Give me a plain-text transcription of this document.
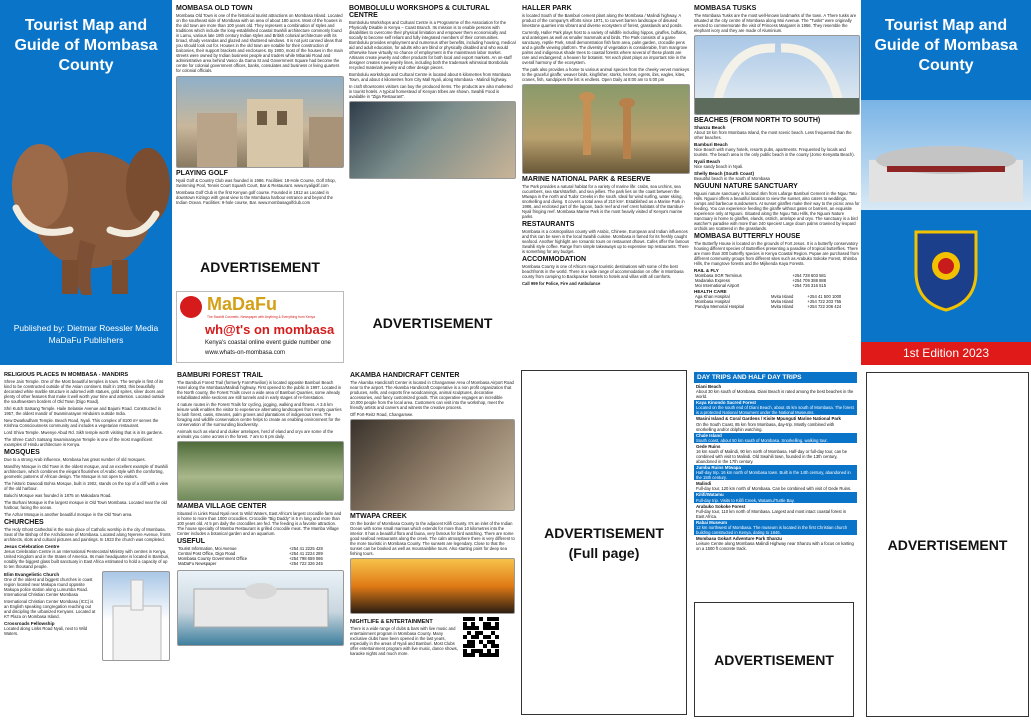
Tourist Map and Guide of Mombasa County
Published by: Dietmar Roessler Media
MaDaFu Publishers
MOMBASA OLD TOWN
Mombasa Old Town is one of the historical tourist attractions on Mombasa Island. Located on the southeast side of Mombasa with an area of about 180 acres. Most of the houses in the old town are more than 100 years old. They represent a combination of styles and traditions which include the long-established coastal Swahili architecture commonly found in Lamu, various late 19th century Indian styles and British colonial architecture with its broad, shady verandas and glazed and shuttered windows. It is not just canned ideas that you should look out for. Houses in the old town are notable for their construction of balconies, their support brackets and enclosures. By 1900, most of the houses in the main streets were owned by Indian business people and traders while Mbaraki Road and administrative area behind Vasco da Gama St and Government Square had become the centre for colonial government offices, banks, consulates and business or living quarters for colonial officials.
PLAYING GOLF
Nyali Golf & Country Club was founded in 1986. Facilities: 18-Hole Course, Golf Shop, Swimming Pool, Tennis Court Squash Court, Bar & Restaurant. www.nyaligolf.com
Mombasa Golf Club is the first Kenyan golf course. Founded in 1912 as Located in downtown Kizingo with great view to the Mombasa harbour entrance and beyond the Indian Ocean. Facilities: 9-hole course, Bar. www.mombasagolfclub.com
ADVERTISEMENT
MaDaFu
The Swahili Cosmetic, Newspaper with Anything & Everything from Kenya
wh@t's on mombasa
Kenya's coastal online event guide number one
www.whats-on-mombasa.com
BOMBOLULU WORKSHOPS & CULTURAL CENTRE
Bombolulu Workshops and Cultural Centre is a Programme of the Association for the Physically Disable in Kenya – Coast Branch. Its mission is to enable persons with disabilities to overcome their physical limitation and empower them economically and socially to become self reliant and fully integrated members of their communities. Bombolulu provides employment and numerous other benefits, including housing, medical aid and adult education, for adults who are blind or physically disabled and who would otherwise have virtually no chance of employment in the mainstream labor market. Artisans create jewelry and other products for both local and export markets. An on-staff designer creates new jewelry lines, including both the trademark whimsical Bombolulu recycled materials jewelry and other design pieces.
Bombolulu workshops and Cultural Centre is located about 6 kilometres from Mombasa Town, and about 4 kilometres from City Mall Nyali, along Mombasa - Malindi highway.
In craft showrooms visitors can buy the produced items. The products are also marketed in tourist hotels. A typical homestead of Kenyan tribes are shown. Swahili Food is available in "Ziga Restaurant".
ADVERTISEMENT
HALLER PARK
is located South of the Bamburi cement plant along the Mombasa / Malindi highway. A product of the company's efforts since 1971, to convert barren landscape of disused limestone quarries into vibrant and diverse ecosystem of forest, grasslands and ponds.
Currently, Haller Park plays host to a variety of wildlife including hippos, giraffes, buffalos, and antelopes as well as smaller mammals and birds. The Park consists of a game sanctuary, reptile Park, small demonstration fish farm area, palm garden, crocodile pens and a giraffe viewing platform. The diversity of vegetation is considerable, from mangrove palms and indigenous shade trees to coastal forests where several of these plants are rare and endangered; a heaven for botanist. Yet each plant plays an important role in the overall harmony of the ecosystem.
The park also provides a home to various animal species from the cheeky vervet monkeys to the graceful giraffe; weaver birds, kingfisher, storks, herons, egrets, ibis, eagles, kites, cranes, fish, sandpipers the list is endless. Open Daily at 8:00 am to 5:00 pm
MARINE NATIONAL PARK & RESERVE
The Park provides a natural habitat for a variety of marine life: crabs, sea urchins, sea cucumbers, sea stars/starfish, and sea jellies. The park lies on the coast between the Mtwapa in the north and Tudor Creeks in the south. Ideal for wind surfing, water skiing, snorkelling and diving. It covers a total area of 210 km². Established as a Marine Park in 1986, and enclosed part of the lagoon, back reef and reef crest habitats of the Bamburi-Nyali fringing reef. Mombasa Marine Park is the most heavily visited of Kenya's marine parks.
RESTAURANTS
Mombasa is a cosmopolitan county with Arabic, Chinese, European and Indian influences and this can be seen in the local Swahili cuisine. Mombasa is famed for its freshly caught seafood. Another highlight are romantic tours on restaurant dhows. Cafes offer the famous Swahili style coffee. Range from simple takeaways up to expensive top restaurants. There is something for any budget.
ACCOMMODATION
Mombasa County is one of Africa's major touristic destinations with some of the best beachfronts in the world. There is a wide range of accommodation on offer in Mombasa county from camping to Backpacker hostels to hotels and villas with all comforts.
Call 999 for Police, Fire and Ambulance
MOMBASA TUSKS
The Mombasa Tusks are the most well-known landmarks of the town. A There tusks are situated at the city centre of Mombasa along Moi Avenue. The "Tusks" were originally erected to commemorate the visit of Princess Margaret in 1956. They resemble the elephant ivory and they are made of Aluminium.
BEACHES (FROM NORTH TO SOUTH)
Shanzu Beach
About 18 km from Mombasa Island, the most scenic beach. Less frequented than the other beaches.
Bamburi Beach
Nice Beach with many hotels, resorts pubs, apartments. Frequented by locals and tourists. The beach area is the only public beach in the county (Jomo Kenyatta Beach).
Nyali Beach
Nice sandy beach in Nyali.
Shelly Beach (South Coast)
Beautiful beach in the south of Mombasa
NGUUNI NATURE SANCTUARY
Nguuni nature sanctuary is located 4km from Lafarge Bamburi Cement in the Nguu Tatu Hills. Nguuni offers a beautiful location to view the sunset, also caters to weddings, camps and barbecue sundowners. At sunset giraffes make their way to the picnic area for feeding. You can experience feeding the giraffe without gates or barriers, an exquisite experience only at Nguuni. Situated along the Nguu Tatu Hills, the Nguuni Nature Sanctuary is home to giraffes, elands, ostrich, antelope and oryx. The sanctuary is a bird watcher's paradise with more than 240 species! Large doum palms crowned by leopard orchids are scattered in the grasslands.
MOMBASA BUTTERFLY HOUSE
The Butterfly House is located on the grounds of Fort Jesus. It is a butterfly conservatory housing different species of Butterflies presenting a paradise of tropical butterflies. There are more than 300 butterfly species in Kenya Coastal Region. Pupae are purchased from different community groups from different sites such as Arabuko Sokoke Forest, Shimba Hills, the mangrove forests and the Mijikenda Kaya Forests.
RAIL & FLY
Mombasa SGR Terminus		+254 728 603 581
Madaraka Express		+254 709 388 888
Moi International Airport		+254 726 316 515
HEALTH CARE
Aga Khan Hospital	Mvita Island	+254 41 500 1000
Mombasa Hospital	Mvita Island	+254 722 203 755
Pandya Memorial Hospital	Mvita Island	+254 722 206 424
Tourist Map and Guide of Mombasa County
1st Edition 2023
RELIGIOUS PLACES IN MOMBASA - MANDIRS
Shree Jain Temple. One of the Most beautiful temples in town. The temple is first of its kind to be constructed outside of the Asian continent. Built in 1963, this beautifully decorated white marble structure is adorned with statues, gold spires, silver doors and plenty of other features that make it well worth your time and attention. Located outside the southwestern borders of Old Town (Digo Road).
Shri Kutch Satsang Temple. Haile Selassie Avenue and Bajumi Road. Constructed in 1957, the oldest mandir of Swaminarayan Hinduism outside India.
New Dwarkadham Temple. Beach Road, Nyali. This complex of 8100 m² serves the Krishna Consciousness community and includes a vegetarian restaurant.
Lord Shiva Temple. Mwenye Abud Rd. Sikh temple worth visiting that is in its gardens.
The Shree Cutch Satsang Swaminarayan Temple is one of the most magnificent examples of Hindu architecture in Kenya.
MOSQUES
Due to a strong Arab influence, Mombasa has great number of old mosques.
Mandhry Mosque in Old Town is the oldest mosque, and an excellent example of Swahili architecture, which combines the elegant flourishes of Arabic style with the comforting, geometric patterns of African design. The Mosque is not open to visitors.
The historic Dawoodi Bohra Mosque, built in 1902, stands on the top of a cliff with a view of the old harbour.
Baluchi Mosque was founded in 1875 on Makadara Road.
The Burhani Mosque is the largest mosque in Old Town Mombasa. Located near the old harbour, facing the ocean.
The Azhar Mosque is another beautiful mosque in the Old Town area.
CHURCHES
The Holy Ghost Cathedral is the main place of Catholic worship in the city of Mombasa. Seat of the Bishop of the Archdiocese of Mombasa. Located along Nyerere Avenue, fronts architects, slots and cultural pictures and paintings. In 1923 the church was completed.
Jesus Celebration Centre
Jesus Celebration Centre is an International Pentecostal Ministry with centres in Kenya, United Kingdom and in the States of America. Its main headquarter is located in Bamburi, notably the biggest glass built sanctuary in East Africa estimated to hold a capacity of up to ten thousand people.
Elim Evangelistic Church
One of the oldest and biggest churches in coast region located near Makupa round opposite Makupa police station along Lumumba Road. International Christian Center Mombasa
International Christian Center Mombasa (ICC) is an English speaking congregation reaching out and discipling the urbanized Kenyans. Located at KT Plaza on Mombasa Island.
Crossroads Fellowship
Located along Links Road Nyali, next to Wild Waters.
BAMBURI FOREST TRAIL
The Bamburi Forest Trail (formerly FarmPavilion) is located opposite Bamburi Beach Hotel along the Mombasa/Malindi highway. First opened to the public in 1997. Located in the North county, the Forest Trails cover a wide area of Bamburi Quarries, some already rehabilitated while sections are still tunnels and in early stages of re-forestation.
4 nature routes in the Forest Trails for cycling, jogging, walking and fitness. A 3.6 km leisure walk enables the visitor to experience alternating landscapes from empty quarries to lush forest, oasis, streams, palm groves and plantations of indigenous trees. The foraging and wildlife conservation centre helps to create an enabling environment for the conservation of the surrounding biodiversity.
Animals such as eland and duiker antelopes, herd of eland and oryx are some of the animals you come across in the forest. 7 am to 6 pm daily.
MAMBA VILLAGE CENTER
Situated in Links Road Nyali next to Wild Waters, East Africa's largest crocodile farm and is home to more than 1000 crocodiles. Crocodile "Big Daddy" is 5 m long and more than 100 years old. At 5 pm daily the crocodiles are fed. The feeding is a favorite attraction. The house specialty of Mamba Restaurant is grilled crocodile meat. The Mamba Village Center includes a botanical garden and an aquarium.
USEFUL
Tourist Information, Moi Avenue	+254 41 2225 428
Central Post Office, Digo Road	+254 41 2224 289
Mombasa County Government Office	+254 798 659 086
MaDaFu Newspaper	+254 722 326 245
AKAMBA HANDICRAFT CENTER
The Akamba Handicraft Center is located in Changamwe Area of Mombasa Airport Road near to the airport. The Akamba Handicraft Cooperative is a non profit organization that produces, sells, and exports fine woodcarvings, animal sculptures, decorative accessories, and fancy customized goods. This cooperative engages an incredible 10,000 people from the local area. Customers can visit into the workshop, meet the friendly artists and carvers and witness the creative process.
Off Port-Reitz Road, Changamwe.
MTWAPA CREEK
On the border of Mombasa County to the adjacent Kilifi County. It's an inlet of the Indian Ocean with some small marinas which extends for more than 10 kilometres into the interior. It has a beautiful flora and fauna, very famous for bird watching. There are some good seafood restaurants along the creek. The calm atmosphere there is very different to the more touristic in Mombasa County. The sunsets are legendary. Close to that the sunset can be booked as well as mountainbike tours. Also starting point for deep sea fishing tours.
NIGHTLIFE & ENTERTAINMENT
There is a wide range of clubs & bars with live music and entertainment program in Mombasa County. Many exclusive clubs have been opened in the last years, especially in the areas of Nyali and Bamburi. Most Clubs offer entertainment program with live music, dance shows, karaoke nights and much more.
ADVERTISEMENT
(Full page)
DAY TRIPS AND HALF DAY TRIPS
Diani Beach
About 30 km south of Mombasa. Diani Beach is rated among the best beaches in the world.
Kaya Kinondo Sacred Forest
Located on the south end of Diani Beach, about 45 km south of Mombasa. The forest is a protected National Monument under the National Museums.
Wasini Island & Coral Gardens / Kisite Mpunguti Marine National Park
On the South Coast, 85 km from Mombasa, day-trip. Mostly combined with snorkelling and/or dolphin watching.
Chale Island
South coast, about 50 km south of Mombasa. Snorkelling, walking tour.
Gede Ruins
16 km south of Malindi, 90 km north of Mombasa. Half-day or full-day tour, can be combined with visit to Malindi. Old Swahili town, founded in the 13th century, abandoned in the 17th century.
Jumba Ruins Mtwapa
Half-day trip. 16 km north of Mombasa town. Built in the 14th century, abandoned in the 15th century.
Malindi
Full-day tour, 120 km north of Mombasa. Can be combined with visit of Gede Ruins.
Kilifi/Watamu
Full-day trip. Visits to Kilifi Creek, Watamu/Turtle Bay.
Arabuko Sokoke Forest
Full-day tour, 110 km north of Mombasa. Largest and most intact coastal forest in East Africa.
Rabai Museum
12 km northwest of Mombasa. The museum is located in the first Christian church building constructed in Kenya, dating to 1846.
Mombasa Gokart Adventure Park Shanzu
Leisure Centre along Mombasa Malindi Highway near Shanzu with a focus on karting on a 1500 ft concrete track.
ADVERTISEMENT
ADVERTISEMENT
